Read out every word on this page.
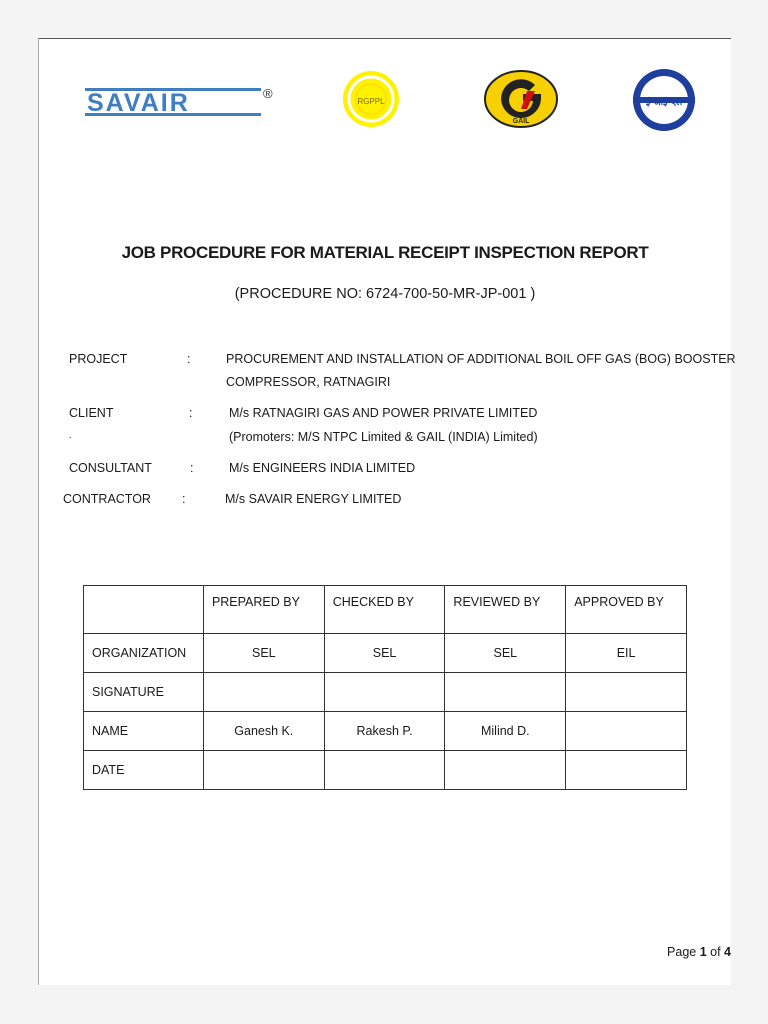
SAVAIR	®
RGPPL
GAIL
ई-आई-एल
JOB PROCEDURE FOR MATERIAL RECEIPT INSPECTION REPORT
(PROCEDURE NO: 6724-700-50-MR-JP-001 )
PROJECT	:	PROCUREMENT AND INSTALLATION OF ADDITIONAL BOIL OFF GAS (BOG) BOOSTER
COMPRESSOR, RATNAGIRI
CLIENT	:	M/s RATNAGIRI GAS AND POWER PRIVATE LIMITED
.	(Promoters: M/S NTPC Limited & GAIL (INDIA) Limited)
CONSULTANT	:	M/s ENGINEERS INDIA LIMITED
CONTRACTOR :	M/s SAVAIR ENERGY LIMITED
	PREPARED BY	CHECKED BY	REVIEWED BY	APPROVED BY
ORGANIZATION	SEL	SEL	SEL	EIL
SIGNATURE				
NAME	Ganesh K.	Rakesh P.	Milind D.	
DATE				
Page 1 of 4
